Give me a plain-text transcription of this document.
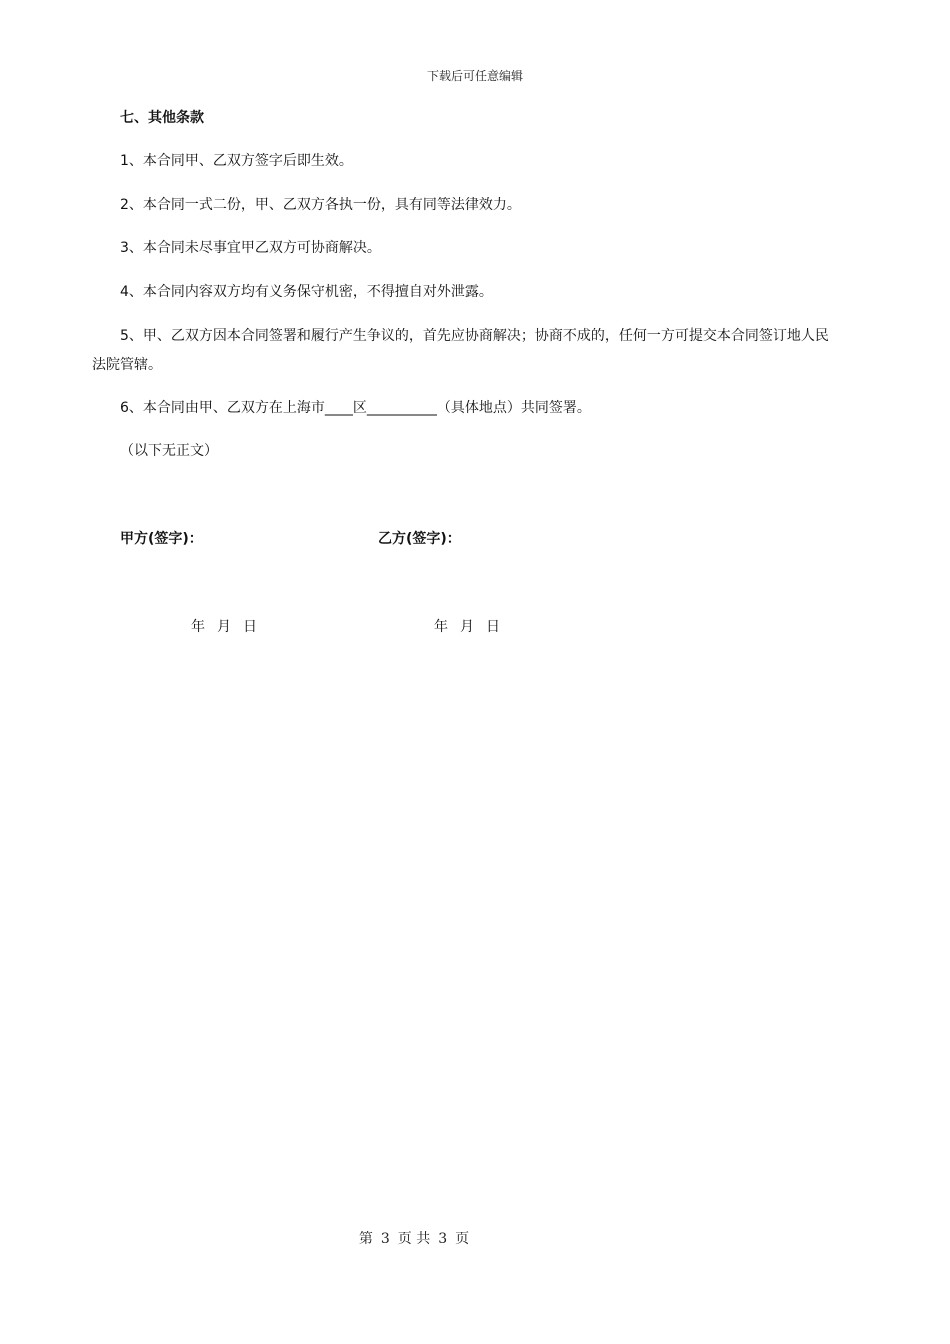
下载后可任意编辑
七、其他条款
1、本合同甲、乙双方签字后即生效。
2、本合同一式二份，甲、乙双方各执一份，具有同等法律效力。
3、本合同未尽事宜甲乙双方可协商解决。
4、本合同内容双方均有义务保守机密，不得擅自对外泄露。
5、甲、乙双方因本合同签署和履行产生争议的，首先应协商解决；协商不成的，任何一方可提交本合同签订地人民
法院管辖。
6、本合同由甲、乙双方在上海市____区__________（具体地点）共同签署。
（以下无正文）
甲方(签字)：	乙方(签字)：
年 月 日	年 月 日
第 3 页 共 3 页
